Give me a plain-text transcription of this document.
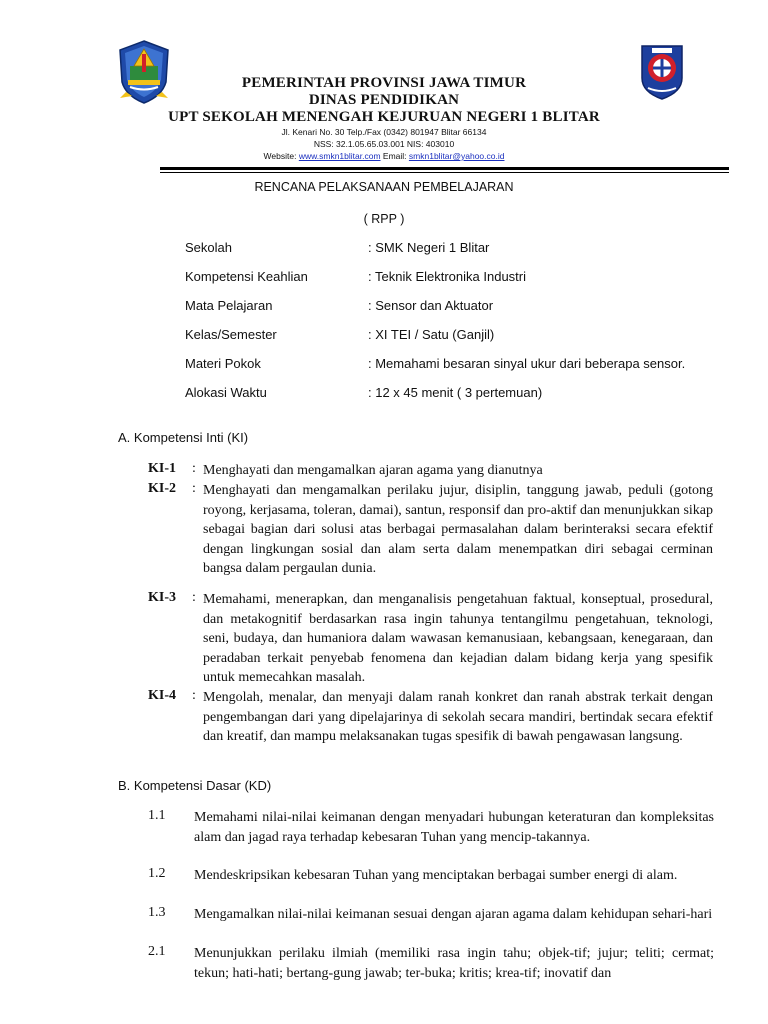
PEMERINTAH PROVINSI JAWA TIMUR
DINAS PENDIDIKAN
UPT SEKOLAH MENENGAH KEJURUAN NEGERI 1 BLITAR
Jl. Kenari No. 30 Telp./Fax (0342) 801947 Blitar 66134
NSS: 32.1.05.65.03.001 NIS: 403010
Website: www.smkn1blitar.com Email: smkn1blitar@yahoo.co.id
RENCANA PELAKSANAAN PEMBELAJARAN
( RPP )
Sekolah	: SMK Negeri 1 Blitar
Kompetensi Keahlian	: Teknik Elektronika Industri
Mata Pelajaran	: Sensor dan Aktuator
Kelas/Semester	: XI TEI / Satu (Ganjil)
Materi Pokok	: Memahami besaran sinyal ukur dari beberapa sensor.
Alokasi Waktu	: 12 x 45 menit ( 3 pertemuan)
A. Kompetensi Inti (KI)
KI-1 : Menghayati dan mengamalkan ajaran agama yang dianutnya
KI-2 : Menghayati dan mengamalkan perilaku jujur, disiplin, tanggung jawab, peduli (gotong royong, kerjasama, toleran, damai), santun, responsif dan pro-aktif dan menunjukkan sikap sebagai bagian dari solusi atas berbagai permasalahan dalam berinteraksi secara efektif dengan lingkungan sosial dan alam serta dalam menempatkan diri sebagai cerminan bangsa dalam pergaulan dunia.
KI-3 : Memahami, menerapkan, dan menganalisis pengetahuan faktual, konseptual, prosedural, dan metakognitif berdasarkan rasa ingin tahunya tentangilmu pengetahuan, teknologi, seni, budaya, dan humaniora dalam wawasan kemanusiaan, kebangsaan, kenegaraan, dan peradaban terkait penyebab fenomena dan kejadian dalam bidang kerja yang spesifik untuk memecahkan masalah.
KI-4 : Mengolah, menalar, dan menyaji dalam ranah konkret dan ranah abstrak terkait dengan pengembangan dari yang dipelajarinya di sekolah secara mandiri, bertindak secara efektif dan kreatif, dan mampu melaksanakan tugas spesifik di bawah pengawasan langsung.
B. Kompetensi Dasar (KD)
1.1 Memahami nilai-nilai keimanan dengan menyadari hubungan keteraturan dan kompleksitas alam dan jagad raya terhadap kebesaran Tuhan yang mencip-takannya.
1.2 Mendeskripsikan kebesaran Tuhan yang menciptakan berbagai sumber energi di alam.
1.3 Mengamalkan nilai-nilai keimanan sesuai dengan ajaran agama dalam kehidupan sehari-hari
2.1 Menunjukkan perilaku ilmiah (memiliki rasa ingin tahu; objek-tif; jujur; teliti; cermat; tekun; hati-hati; bertang-gung jawab; ter-buka; kritis; krea-tif; inovatif dan
